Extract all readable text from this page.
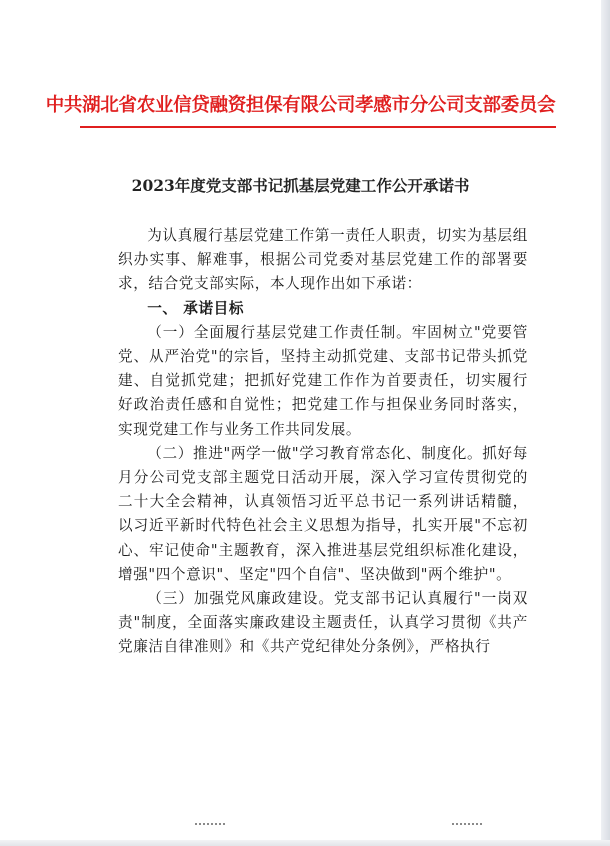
中共湖北省农业信贷融资担保有限公司孝感市分公司支部委员会
2023年度党支部书记抓基层党建工作公开承诺书

为认真履行基层党建工作第一责任人职责，切实为基层组织办实事、解难事，根据公司党委对基层党建工作的部署要求，结合党支部实际，本人现作出如下承诺：

一、 承诺目标

（一）全面履行基层党建工作责任制。牢固树立"党要管党、从严治党"的宗旨，坚持主动抓党建、支部书记带头抓党建、自觉抓党建；把抓好党建工作作为首要责任，切实履行好政治责任感和自觉性；把党建工作与担保业务同时落实，实现党建工作与业务工作共同发展。

（二）推进"两学一做"学习教育常态化、制度化。抓好每月分公司党支部主题党日活动开展，深入学习宣传贯彻党的二十大全会精神，认真领悟习近平总书记一系列讲话精髓，以习近平新时代特色社会主义思想为指导，扎实开展"不忘初心、牢记使命"主题教育，深入推进基层党组织标准化建设，增强"四个意识"、坚定"四个自信"、坚决做到"两个维护"。

（三）加强党风廉政建设。党支部书记认真履行"一岗双责"制度，全面落实廉政建设主题责任，认真学习贯彻《共产党廉洁自律准则》和《共产党纪律处分条例》，严格执行
